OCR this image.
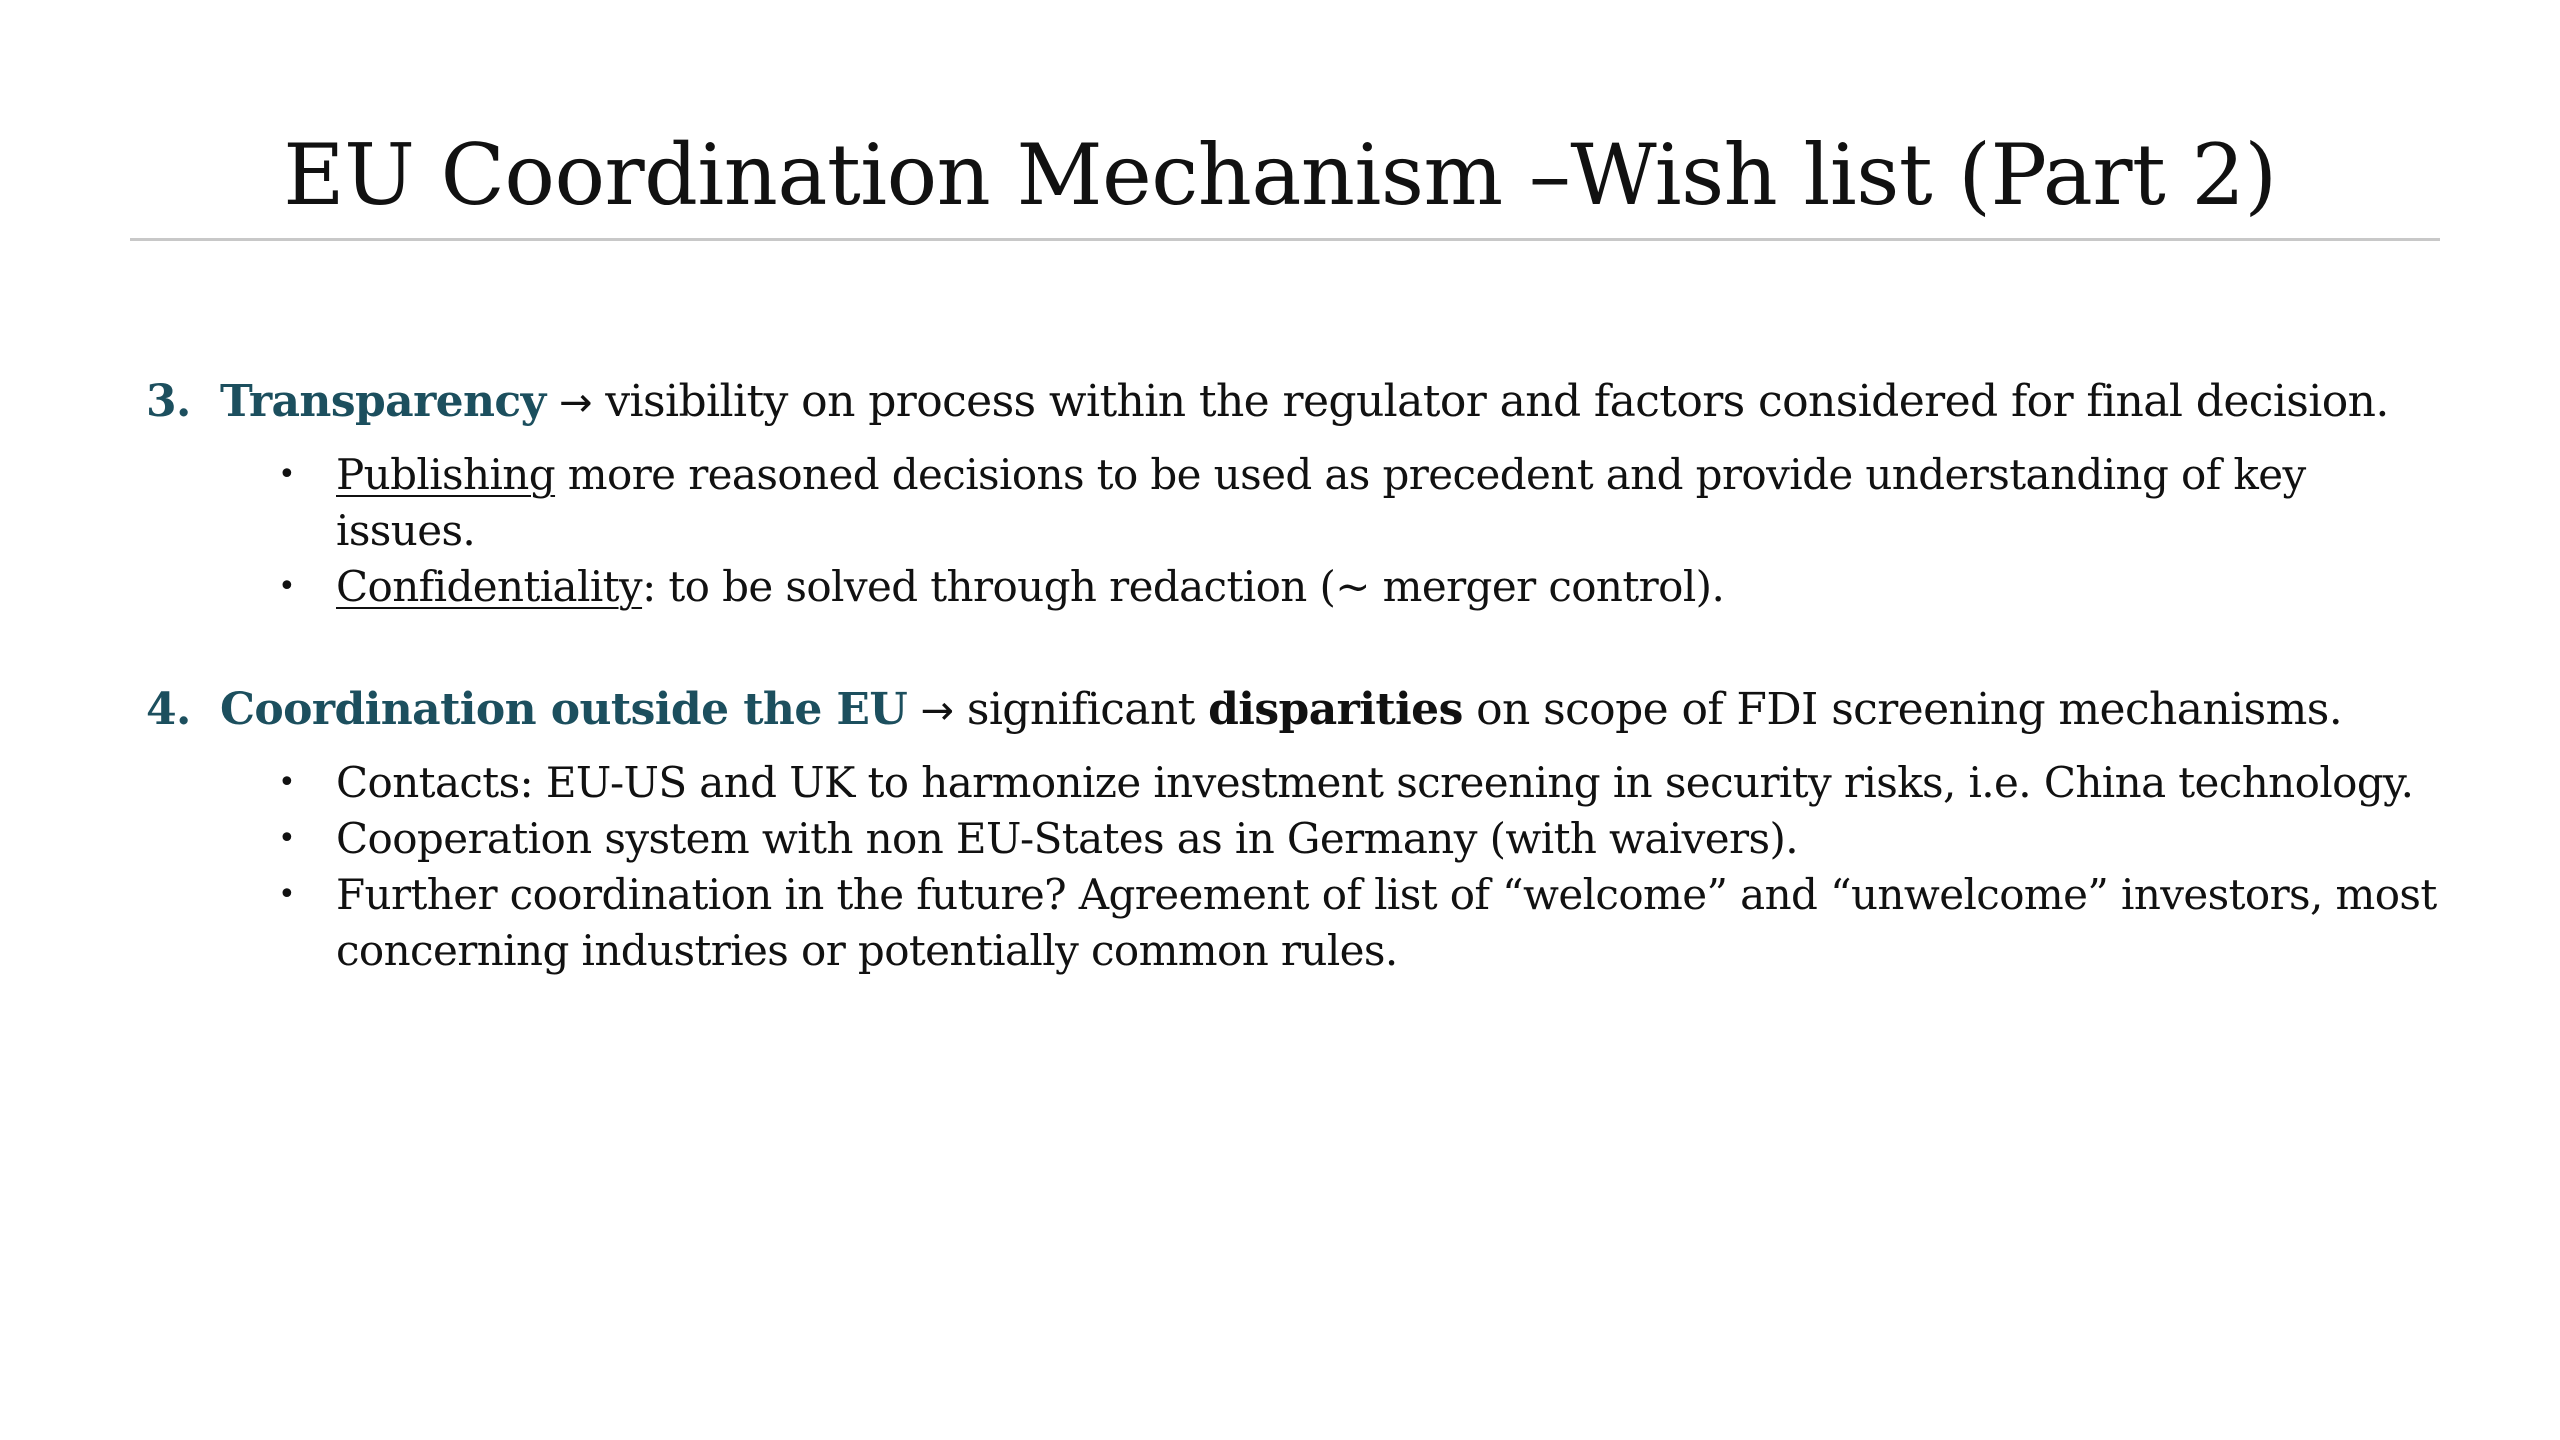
EU Coordination Mechanism –Wish list (Part 2)
3. Transparency → visibility on process within the regulator and factors considered for final decision.
• Publishing more reasoned decisions to be used as precedent and provide understanding of key issues.
• Confidentiality: to be solved through redaction (~ merger control).
4. Coordination outside the EU → significant disparities on scope of FDI screening mechanisms.
• Contacts: EU-US and UK to harmonize investment screening in security risks, i.e. China technology.
• Cooperation system with non EU-States as in Germany (with waivers).
• Further coordination in the future? Agreement of list of “welcome” and “unwelcome” investors, most concerning industries or potentially common rules.
